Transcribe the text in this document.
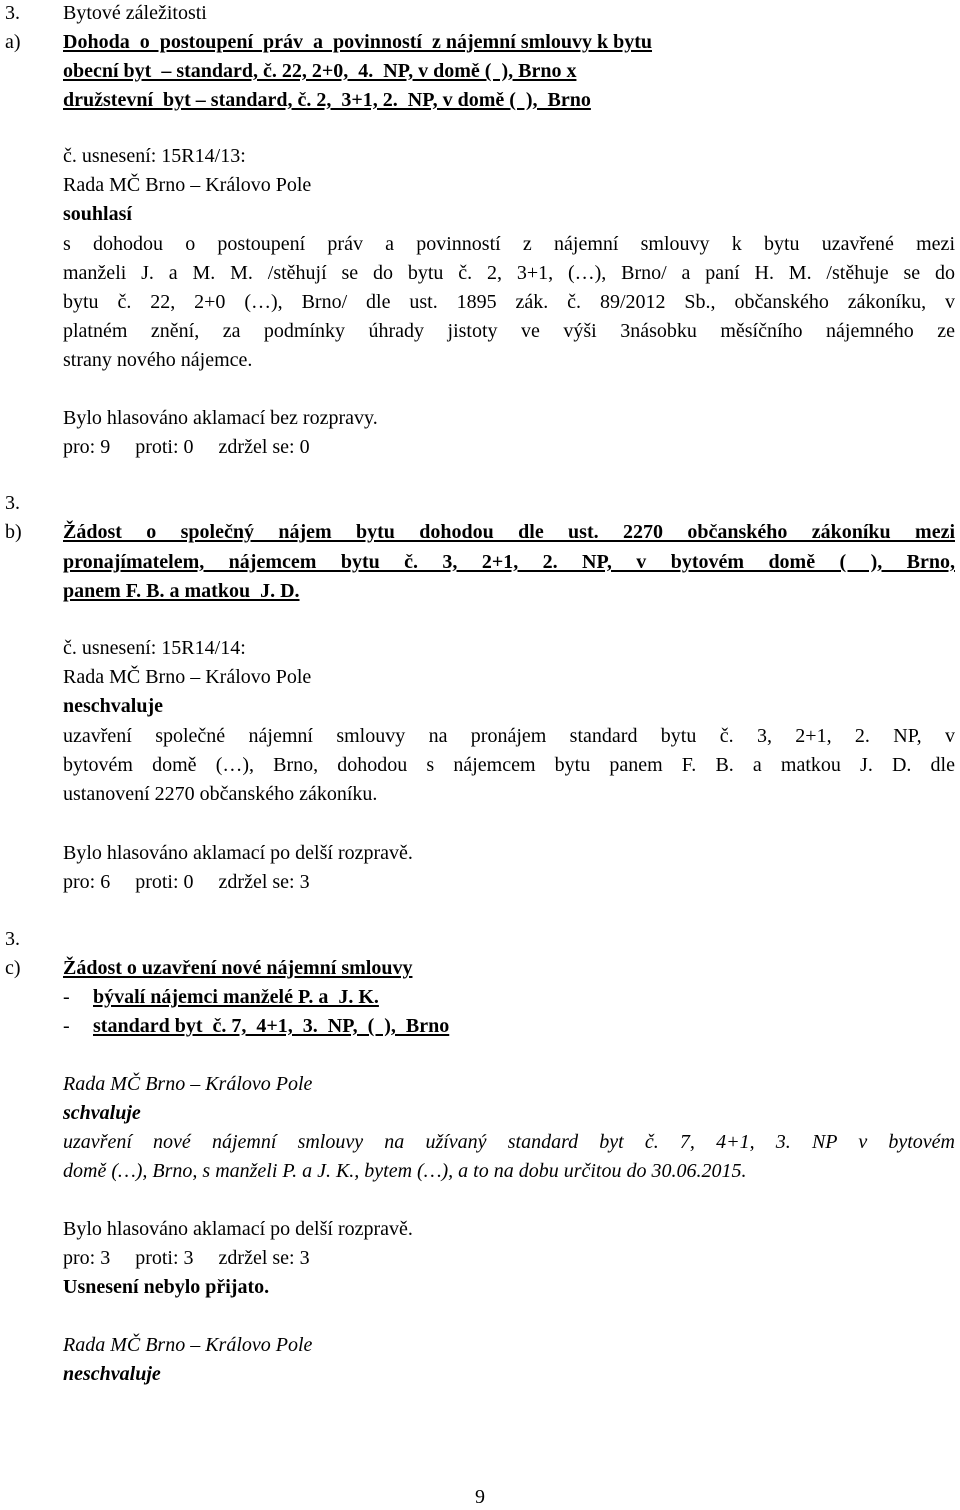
3. Bytové záležitosti
a) Dohoda  o  postoupení  práv  a  povinností  z nájemní smlouvy k bytu
obecní byt  – standard, č. 22, 2+0,  4.  NP, v domě (  ), Brno x
družstevní  byt – standard, č. 2,  3+1, 2.  NP, v domě (  ),  Brno
č. usnesení: 15R14/13:
Rada MČ Brno – Královo Pole
souhlasí
s dohodou o postoupení práv a povinností z nájemní smlouvy k bytu uzavřené mezi
manželi J. a M. M. /stěhují se do bytu č. 2, 3+1, (…), Brno/ a paní H. M. /stěhuje se do
bytu č. 22, 2+0 (…), Brno/ dle ust. 1895 zák. č. 89/2012 Sb., občanského zákoníku, v
platném znění, za podmínky úhrady jistoty ve výši 3násobku měsíčního nájemného ze
strany nového nájemce.
Bylo hlasováno aklamací bez rozpravy.
pro: 9     proti: 0     zdržel se: 0
3.
b) Žádost o společný nájem bytu dohodou dle ust. 2270 občanského zákoníku mezi
pronajímatelem, nájemcem bytu č. 3, 2+1, 2. NP, v bytovém domě ( ), Brno,
panem F. B. a matkou  J. D.
č. usnesení: 15R14/14:
Rada MČ Brno – Královo Pole
neschvaluje
uzavření společné nájemní smlouvy na pronájem standard bytu č. 3, 2+1, 2. NP, v
bytovém domě (…), Brno, dohodou s nájemcem bytu panem F. B. a matkou J. D. dle
ustanovení 2270 občanského zákoníku.
Bylo hlasováno aklamací po delší rozpravě.
pro: 6     proti: 0     zdržel se: 3
3.
c) Žádost o uzavření nové nájemní smlouvy
- bývalí nájemci manželé P. a  J. K.
- standard byt  č. 7,  4+1,  3.  NP,  (  ),  Brno
Rada MČ Brno – Královo Pole
schvaluje
uzavření nové nájemní smlouvy na užívaný standard byt č. 7, 4+1, 3. NP v bytovém
domě (…), Brno, s manželi P. a J. K., bytem (…), a to na dobu určitou do 30.06.2015.
Bylo hlasováno aklamací po delší rozpravě.
pro: 3     proti: 3     zdržel se: 3
Usnesení nebylo přijato.
Rada MČ Brno – Královo Pole
neschvaluje
9
